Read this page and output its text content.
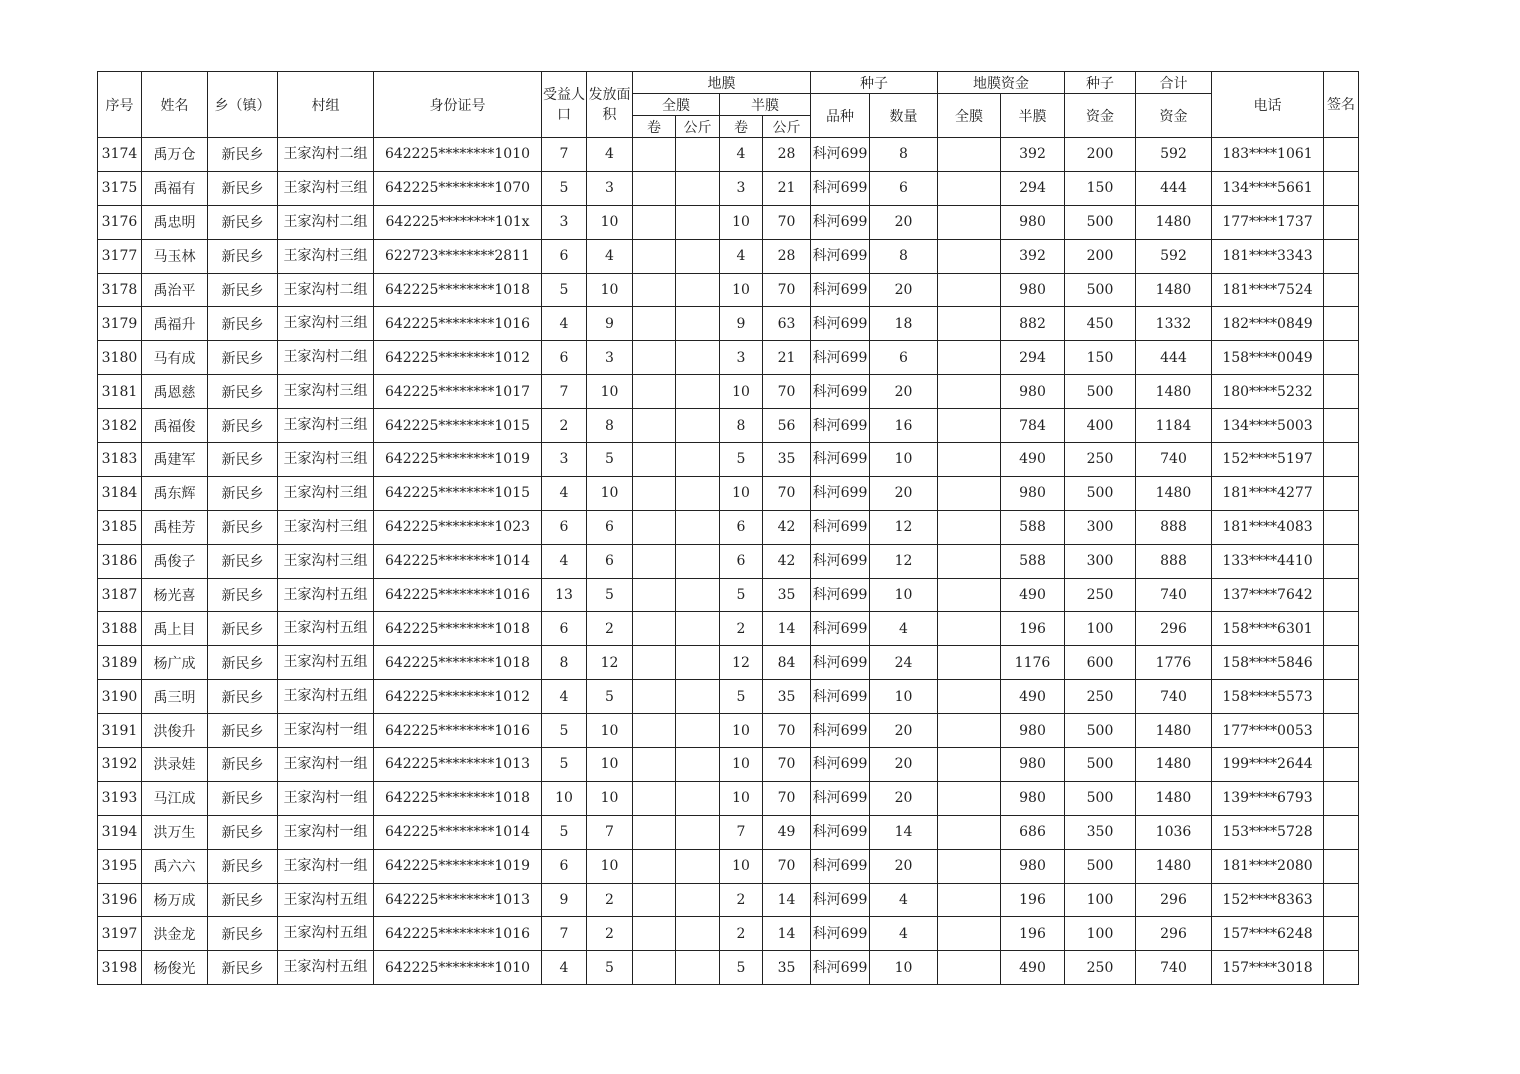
序号	姓名	乡（镇）	村组	身份证号	受益人口	发放面积	地膜				种子		地膜资金		种子	合计	电话	签名
							全膜		半膜		品种	数量	全膜	半膜	资金	资金		
							卷	公斤	卷	公斤								
3174	禹万仓	新民乡	王家沟村二组	642225********1010	7	4			4	28	科河699	8		392	200	592	183****1061	
3175	禹福有	新民乡	王家沟村三组	642225********1070	5	3			3	21	科河699	6		294	150	444	134****5661	
3176	禹忠明	新民乡	王家沟村二组	642225********101x	3	10			10	70	科河699	20		980	500	1480	177****1737	
3177	马玉林	新民乡	王家沟村三组	622723********2811	6	4			4	28	科河699	8		392	200	592	181****3343	
3178	禹治平	新民乡	王家沟村二组	642225********1018	5	10			10	70	科河699	20		980	500	1480	181****7524	
3179	禹福升	新民乡	王家沟村三组	642225********1016	4	9			9	63	科河699	18		882	450	1332	182****0849	
3180	马有成	新民乡	王家沟村二组	642225********1012	6	3			3	21	科河699	6		294	150	444	158****0049	
3181	禹恩慈	新民乡	王家沟村三组	642225********1017	7	10			10	70	科河699	20		980	500	1480	180****5232	
3182	禹福俊	新民乡	王家沟村三组	642225********1015	2	8			8	56	科河699	16		784	400	1184	134****5003	
3183	禹建军	新民乡	王家沟村三组	642225********1019	3	5			5	35	科河699	10		490	250	740	152****5197	
3184	禹东辉	新民乡	王家沟村三组	642225********1015	4	10			10	70	科河699	20		980	500	1480	181****4277	
3185	禹桂芳	新民乡	王家沟村三组	642225********1023	6	6			6	42	科河699	12		588	300	888	181****4083	
3186	禹俊子	新民乡	王家沟村三组	642225********1014	4	6			6	42	科河699	12		588	300	888	133****4410	
3187	杨光喜	新民乡	王家沟村五组	642225********1016	13	5			5	35	科河699	10		490	250	740	137****7642	
3188	禹上目	新民乡	王家沟村五组	642225********1018	6	2			2	14	科河699	4		196	100	296	158****6301	
3189	杨广成	新民乡	王家沟村五组	642225********1018	8	12			12	84	科河699	24		1176	600	1776	158****5846	
3190	禹三明	新民乡	王家沟村五组	642225********1012	4	5			5	35	科河699	10		490	250	740	158****5573	
3191	洪俊升	新民乡	王家沟村一组	642225********1016	5	10			10	70	科河699	20		980	500	1480	177****0053	
3192	洪录娃	新民乡	王家沟村一组	642225********1013	5	10			10	70	科河699	20		980	500	1480	199****2644	
3193	马江成	新民乡	王家沟村一组	642225********1018	10	10			10	70	科河699	20		980	500	1480	139****6793	
3194	洪万生	新民乡	王家沟村一组	642225********1014	5	7			7	49	科河699	14		686	350	1036	153****5728	
3195	禹六六	新民乡	王家沟村一组	642225********1019	6	10			10	70	科河699	20		980	500	1480	181****2080	
3196	杨万成	新民乡	王家沟村五组	642225********1013	9	2			2	14	科河699	4		196	100	296	152****8363	
3197	洪金龙	新民乡	王家沟村五组	642225********1016	7	2			2	14	科河699	4		196	100	296	157****6248	
3198	杨俊光	新民乡	王家沟村五组	642225********1010	4	5			5	35	科河699	10		490	250	740	157****3018	
